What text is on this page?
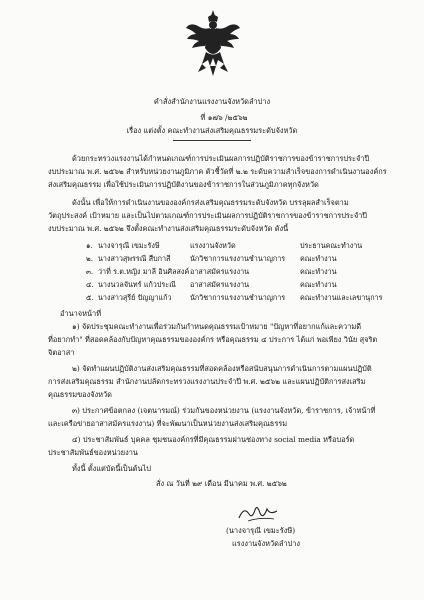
คำสั่งสำนักงานแรงงานจังหวัดลำปาง
ที่ ๑๗๖ /๒๕๖๒
เรื่อง แต่งตั้ง คณะทำงานส่งเสริมคุณธรรมระดับจังหวัด
ด้วยกระทรวงแรงงานได้กำหนดเกณฑ์การประเมินผลการปฏิบัติราชการของข้าราชการประจำปี
งบประมาณ พ.ศ. ๒๕๖๒ สำหรับหน่วยงานภูมิภาค ตัวชี้วัดที่ ๒.๒ ระดับความสำเร็จของการดำเนินงานองค์กร
ส่งเสริมคุณธรรม เพื่อใช้ประเมินการปฏิบัติงานของข้าราชการในส่วนภูมิภาคทุกจังหวัด
ดังนั้น เพื่อให้การดำเนินงานขององค์กรส่งเสริมคุณธรรมระดับจังหวัด บรรลุผลสำเร็จตาม
วัตถุประสงค์ เป้าหมาย และเป็นไปตามเกณฑ์การประเมินผลการปฏิบัติราชการของข้าราชการประจำปี
งบประมาณ พ.ศ. ๒๕๖๒ จึงตั้งคณะทำงานส่งเสริมคุณธรรมระดับจังหวัด ดังนี้
๑. นางจารุณี เขมะรังษี	แรงงานจังหวัด	ประธานคณะทำงาน
๒. นางสาวสุพรรณี สืบกาสี	นักวิชาการแรงงานชำนาญการ คณะทำงาน
๓. ว่าที่ ร.ต.หญิง มาลี อินศิลสงค์ อาสาสมัครแรงงาน	คณะทำงาน
๔. นางนวลจันทร์ แก้วประณี อาสาสมัครแรงงาน	คณะทำงาน
๕. นางสาวสุรีย์ ปัญญาแก้ว	นักวิชาการแรงงานชำนาญการ คณะทำงานและเลขานุการ
อำนาจหน้าที่
๑) จัดประชุมคณะทำงานเพื่อร่วมกันกำหนดคุณธรรมเป้าหมาย "ปัญหาที่อยากแก้และความดี
ที่อยากทำ" ที่สอดคล้องกับปัญหาคุณธรรมขององค์กร หรือคุณธรรม ๔ ประการ ได้แก่ พอเพียง วินัย สุจริต
จิตอาสา
๒) จัดทำแผนปฏิบัติงานส่งเสริมคุณธรรมที่สอดคล้องหรือสนับสนุนการดำเนินการตามแผนปฏิบัติ
การส่งเสริมคุณธรรม สำนักงานปลัดกระทรวงแรงงานประจำปี พ.ศ. ๒๕๖๒ และแผนปฏิบัติการส่งเสริม
คุณธรรมของจังหวัด
๓) ประกาศข้อตกลง (เจตนารมณ์) ร่วมกันของหน่วยงาน (แรงงานจังหวัด, ข้าราชการ, เจ้าหน้าที่
และเครือข่ายอาสาสมัครแรงงาน) ที่จะพัฒนาเป็นหน่วยงานส่งเสริมคุณธรรม
๔) ประชาสัมพันธ์ บุคคล ชุมชนองค์กรที่มีคุณธรรมผ่านช่องทาง social media หรือบอร์ด
ประชาสัมพันธ์ของหน่วยงาน
ทั้งนี้ ตั้งแต่บัดนี้เป็นต้นไป
สั่ง ณ วันที่ ๒๙ เดือน มีนาคม พ.ศ. ๒๕๖๒
(นางจารุณี เขมะรังษี)
แรงงานจังหวัดลำปาง
